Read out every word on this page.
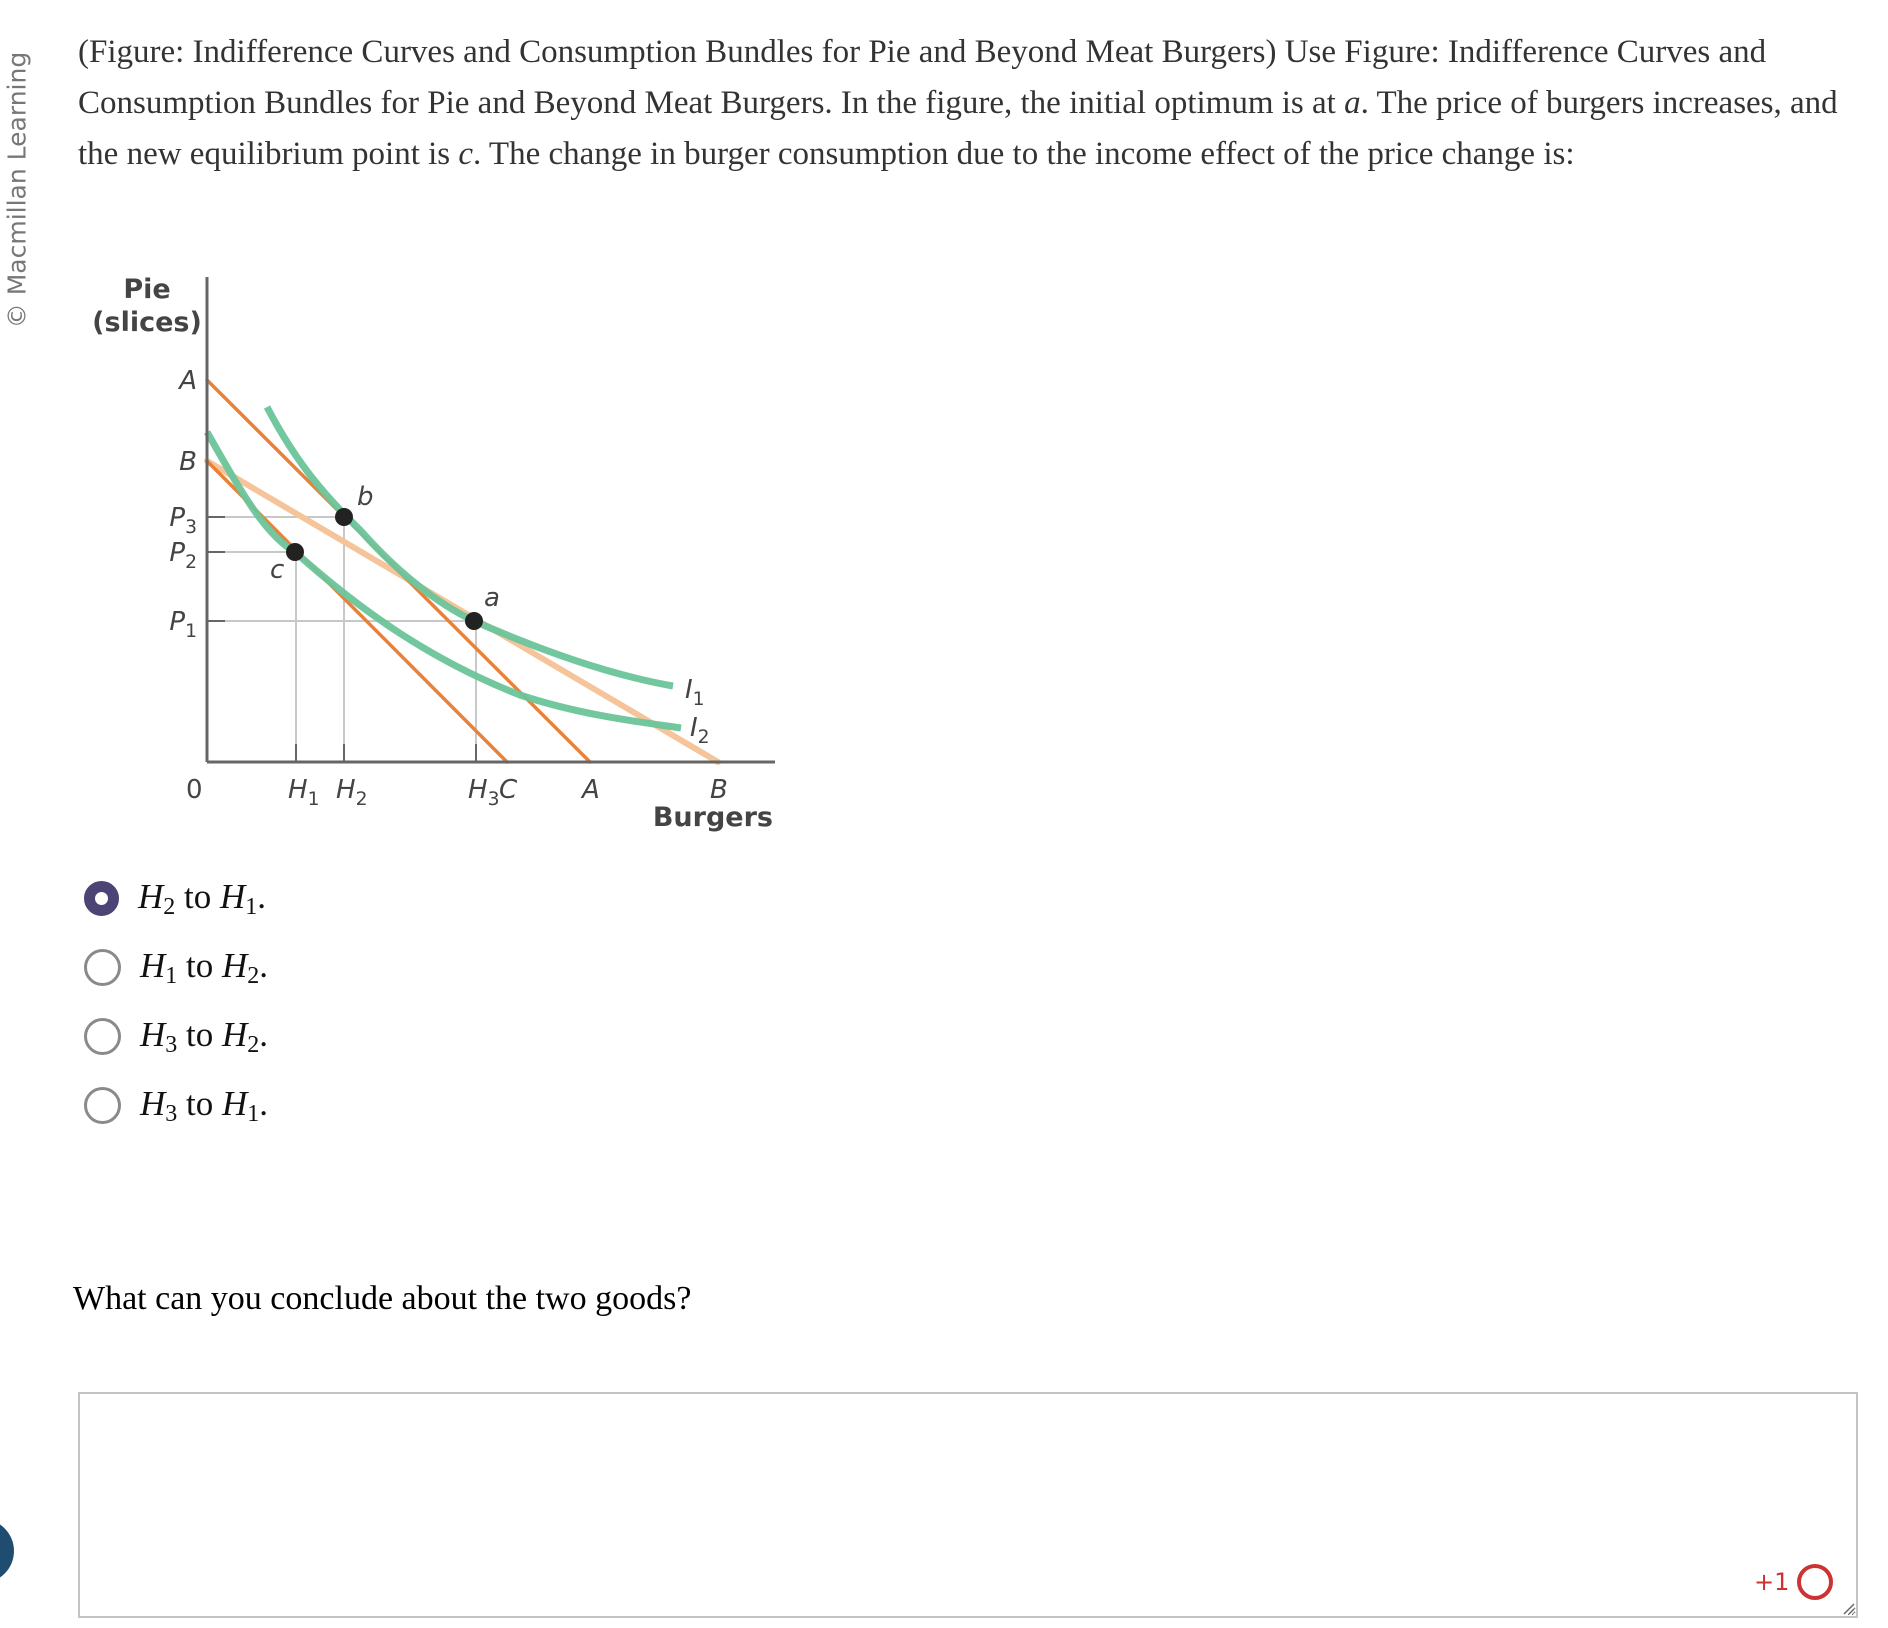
© Macmillan Learning (Figure: Indifference Curves and Consumption Bundles for Pie and Beyond Meat Burgers) Use Figure: Indifference Curves and Consumption Bundles for Pie and Beyond Meat Burgers. In the figure, the initial optimum is at a. The price of burgers increases, and the new equilibrium point is c. The change in burger consumption due to the income effect of the price change is:
A
B
$P_3$
$P_2$
$P_1$
$H_1$ $H_2$	$H_3$ C A	B
0
Pie
(slices)
Burgers
$I_1$
$I_2$
a
b
c
$H_2$ to $H_1$.
$H_1$ to $H_2$.
$H_3$ to $H_2$.
$H_3$ to $H_1$.
What can you conclude about the two goods?
+1
